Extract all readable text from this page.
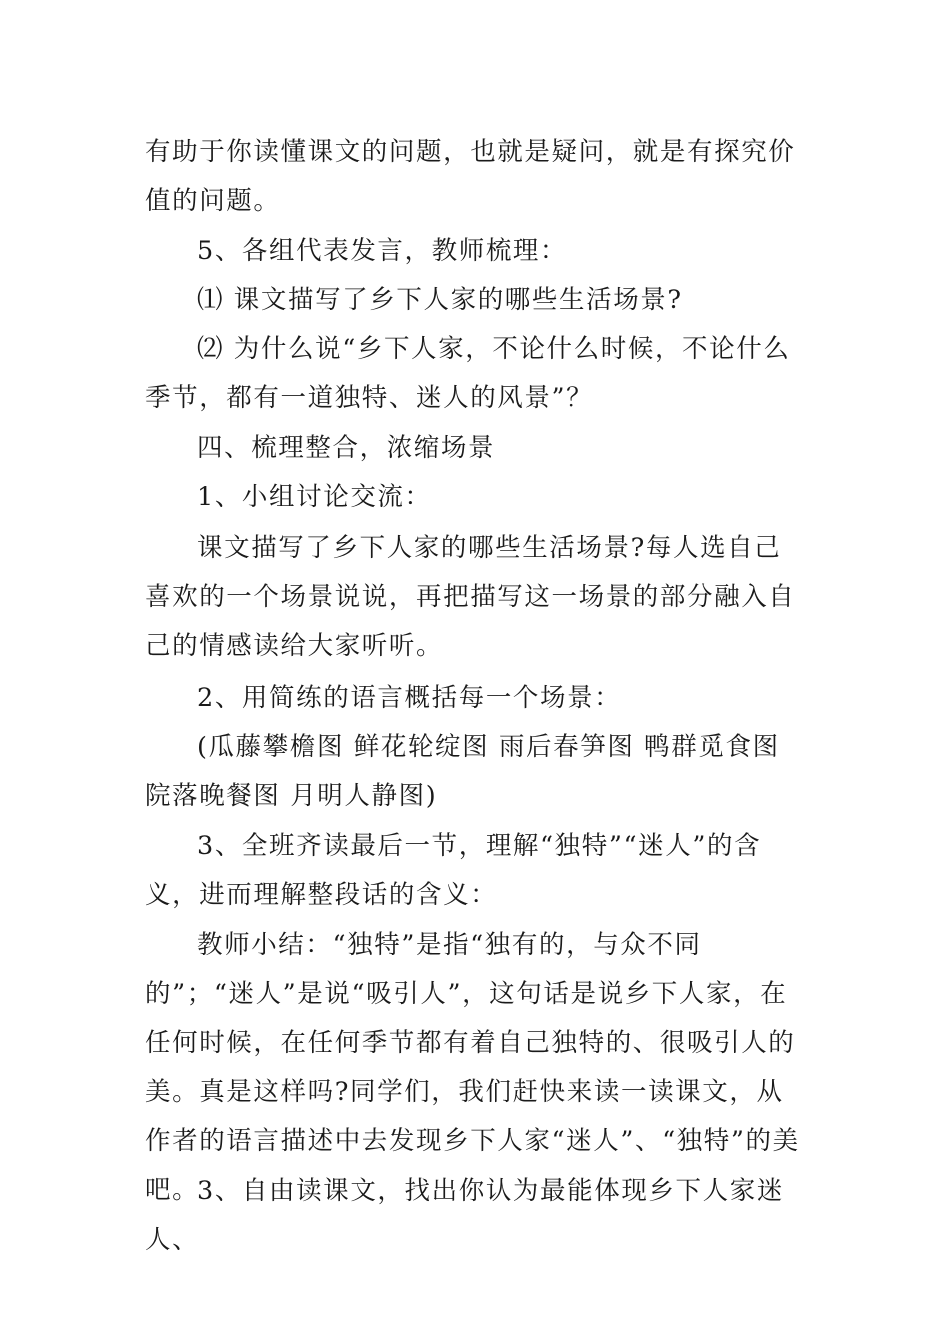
有助于你读懂课文的问题，也就是疑问，就是有探究价值的问题。

5、各组代表发言，教师梳理：

⑴ 课文描写了乡下人家的哪些生活场景?

⑵ 为什么说“乡下人家，不论什么时候，不论什么季节，都有一道独特、迷人的风景”？

四、梳理整合，浓缩场景

1、小组讨论交流：

课文描写了乡下人家的哪些生活场景?每人选自己喜欢的一个场景说说，再把描写这一场景的部分融入自己的情感读给大家听听。

2、用简练的语言概括每一个场景：

(瓜藤攀檐图 鲜花轮绽图 雨后春笋图 鸭群觅食图 院落晚餐图 月明人静图)

3、全班齐读最后一节，理解“独特”“迷人”的含义，进而理解整段话的含义：

教师小结：“独特”是指“独有的，与众不同的”；“迷人”是说“吸引人”，这句话是说乡下人家，在任何时候，在任何季节都有着自己独特的、很吸引人的美。真是这样吗?同学们，我们赶快来读一读课文，从作者的语言描述中去发现乡下人家“迷人”、“独特”的美吧。

3、自由读课文，找出你认为最能体现乡下人家迷人、
